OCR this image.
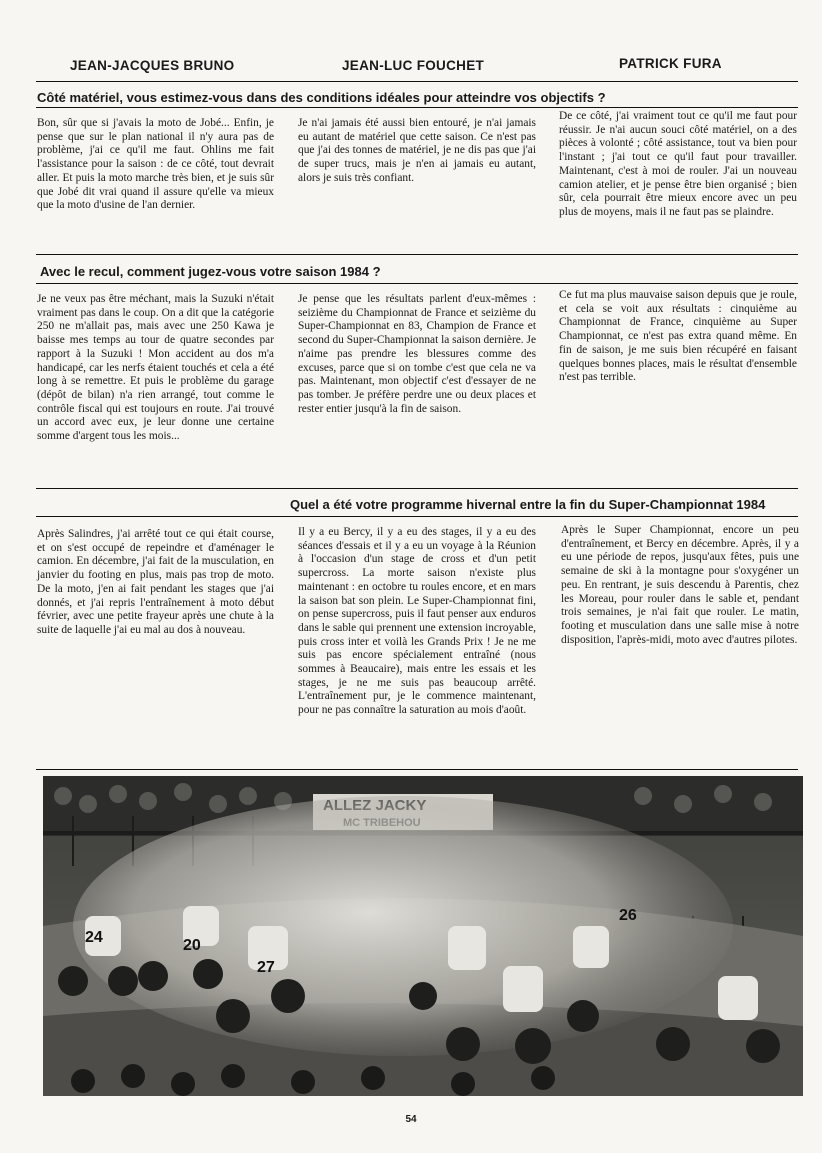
JEAN-JACQUES BRUNO	JEAN-LUC FOUCHET	PATRICK FURA
Côté matériel, vous estimez-vous dans des conditions idéales pour atteindre vos objectifs ?
Bon, sûr que si j'avais la moto de Jobé... Enfin, je pense que sur le plan national il n'y aura pas de problème, j'ai ce qu'il me faut. Ohlins me fait l'assistance pour la saison : de ce côté, tout devrait aller. Et puis la moto marche très bien, et je suis sûr que Jobé dit vrai quand il assure qu'elle va mieux que la moto d'usine de l'an dernier.
Je n'ai jamais été aussi bien entouré, je n'ai jamais eu autant de matériel que cette saison. Ce n'est pas que j'ai des tonnes de matériel, je ne dis pas que j'ai de super trucs, mais je n'en ai jamais eu autant, alors je suis très confiant.
De ce côté, j'ai vraiment tout ce qu'il me faut pour réussir. Je n'ai aucun souci côté matériel, on a des pièces à volonté ; côté assistance, tout va bien pour l'instant ; j'ai tout ce qu'il faut pour travailler. Maintenant, c'est à moi de rouler. J'ai un nouveau camion atelier, et je pense être bien organisé ; bien sûr, cela pourrait être mieux encore avec un peu plus de moyens, mais il ne faut pas se plaindre.
Avec le recul, comment jugez-vous votre saison 1984 ?
Je ne veux pas être méchant, mais la Suzuki n'était vraiment pas dans le coup. On a dit que la catégorie 250 ne m'allait pas, mais avec une 250 Kawa je baisse mes temps au tour de quatre secondes par rapport à la Suzuki ! Mon accident au dos m'a handicapé, car les nerfs étaient touchés et cela a été long à se remettre. Et puis le problème du garage (dépôt de bilan) n'a rien arrangé, tout comme le contrôle fiscal qui est toujours en route. J'ai trouvé un accord avec eux, je leur donne une certaine somme d'argent tous les mois...
Je pense que les résultats parlent d'eux-mêmes : seizième du Championnat de France et seizième du Super-Championnat en 83, Champion de France et second du Super-Championnat la saison dernière. Je n'aime pas prendre les blessures comme des excuses, parce que si on tombe c'est que cela ne va pas. Maintenant, mon objectif c'est d'essayer de ne pas tomber. Je préfère perdre une ou deux places et rester entier jusqu'à la fin de saison.
Ce fut ma plus mauvaise saison depuis que je roule, et cela se voit aux résultats : cinquième au Championnat de France, cinquième au Super Championnat, ce n'est pas extra quand même. En fin de saison, je me suis bien récupéré en faisant quelques bonnes places, mais le résultat d'ensemble n'est pas terrible.
Quel a été votre programme hivernal entre la fin du Super-Championnat 1984
Après Salindres, j'ai arrêté tout ce qui était course, et on s'est occupé de repeindre et d'aménager le camion. En décembre, j'ai fait de la musculation, en janvier du footing en plus, mais pas trop de moto. De la moto, j'en ai fait pendant les stages que j'ai donnés, et j'ai repris l'entraînement à moto début février, avec une petite frayeur après une chute à la suite de laquelle j'ai eu mal au dos à nouveau.
Il y a eu Bercy, il y a eu des stages, il y a eu des séances d'essais et il y a eu un voyage à la Réunion à l'occasion d'un stage de cross et d'un petit supercross. La morte saison n'existe plus maintenant : en octobre tu roules encore, et en mars la saison bat son plein. Le Super-Championnat fini, on pense supercross, puis il faut penser aux enduros dans le sable qui prennent une extension incroyable, puis cross inter et voilà les Grands Prix ! Je ne me suis pas encore spécialement entraîné (nous sommes à Beaucaire), mais entre les essais et les stages, je ne me suis pas beaucoup arrêté. L'entraînement pur, je le commence maintenant, pour ne pas connaître la saturation au mois d'août.
Après le Super Championnat, encore un peu d'entraînement, et Bercy en décembre. Après, il y a eu une période de repos, jusqu'aux fêtes, puis une semaine de ski à la montagne pour s'oxygéner un peu. En rentrant, je suis descendu à Parentis, chez les Moreau, pour rouler dans le sable et, pendant trois semaines, je n'ai fait que rouler. Le matin, footing et musculation dans une salle mise à notre disposition, l'après-midi, moto avec d'autres pilotes.
24	20
27
26
54
